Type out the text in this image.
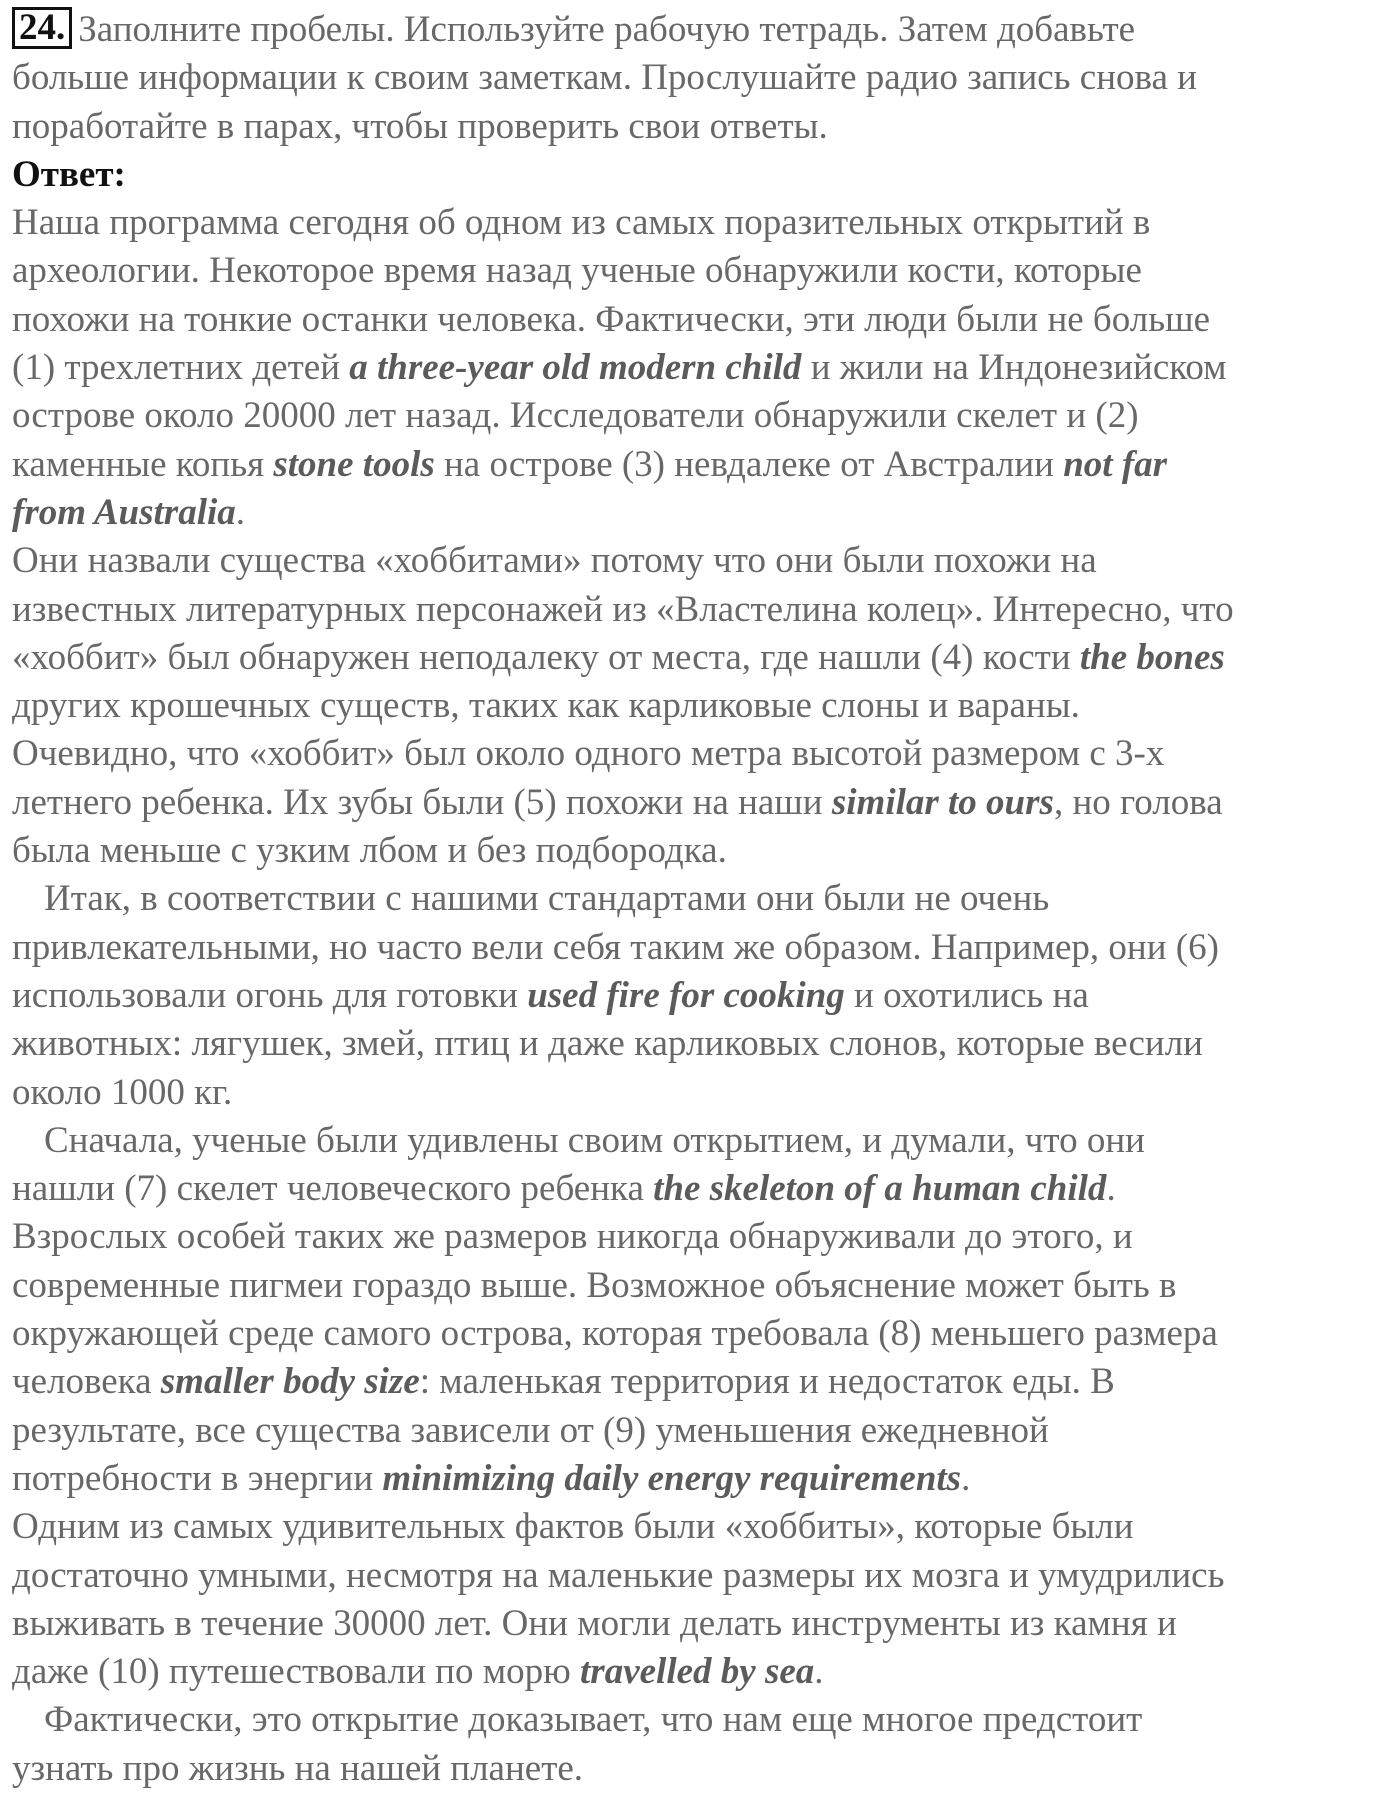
24. Заполните пробелы. Используйте рабочую тетрадь. Затем добавьте
больше информации к своим заметкам. Прослушайте радио запись снова и
поработайте в парах, чтобы проверить свои ответы.
Ответ:
Наша программа сегодня об одном из самых поразительных открытий в
археологии. Некоторое время назад ученые обнаружили кости, которые
похожи на тонкие останки человека. Фактически, эти люди были не больше
(1) трехлетних детей a three-year old modern child и жили на Индонезийском
острове около 20000 лет назад. Исследователи обнаружили скелет и (2)
каменные копья stone tools на острове (3) невдалеке от Австралии not far
from Australia.
Они назвали существа «хоббитами» потому что они были похожи на
известных литературных персонажей из «Властелина колец». Интересно, что
«хоббит» был обнаружен неподалеку от места, где нашли (4) кости the bones
других крошечных существ, таких как карликовые слоны и вараны.
Очевидно, что «хоббит» был около одного метра высотой размером с 3-х
летнего ребенка. Их зубы были (5) похожи на наши similar to ours, но голова
была меньше с узким лбом и без подбородка.
Итак, в соответствии с нашими стандартами они были не очень
привлекательными, но часто вели себя таким же образом. Например, они (6)
использовали огонь для готовки used fire for cooking и охотились на
животных: лягушек, змей, птиц и даже карликовых слонов, которые весили
около 1000 кг.
Сначала, ученые были удивлены своим открытием, и думали, что они
нашли (7) скелет человеческого ребенка the skeleton of a human child.
Взрослых особей таких же размеров никогда обнаруживали до этого, и
современные пигмеи гораздо выше. Возможное объяснение может быть в
окружающей среде самого острова, которая требовала (8) меньшего размера
человека smaller body size: маленькая территория и недостаток еды. В
результате, все существа зависели от (9) уменьшения ежедневной
потребности в энергии minimizing daily energy requirements.
Одним из самых удивительных фактов были «хоббиты», которые были
достаточно умными, несмотря на маленькие размеры их мозга и умудрились
выживать в течение 30000 лет. Они могли делать инструменты из камня и
даже (10) путешествовали по морю travelled by sea.
Фактически, это открытие доказывает, что нам еще многое предстоит
узнать про жизнь на нашей планете.
